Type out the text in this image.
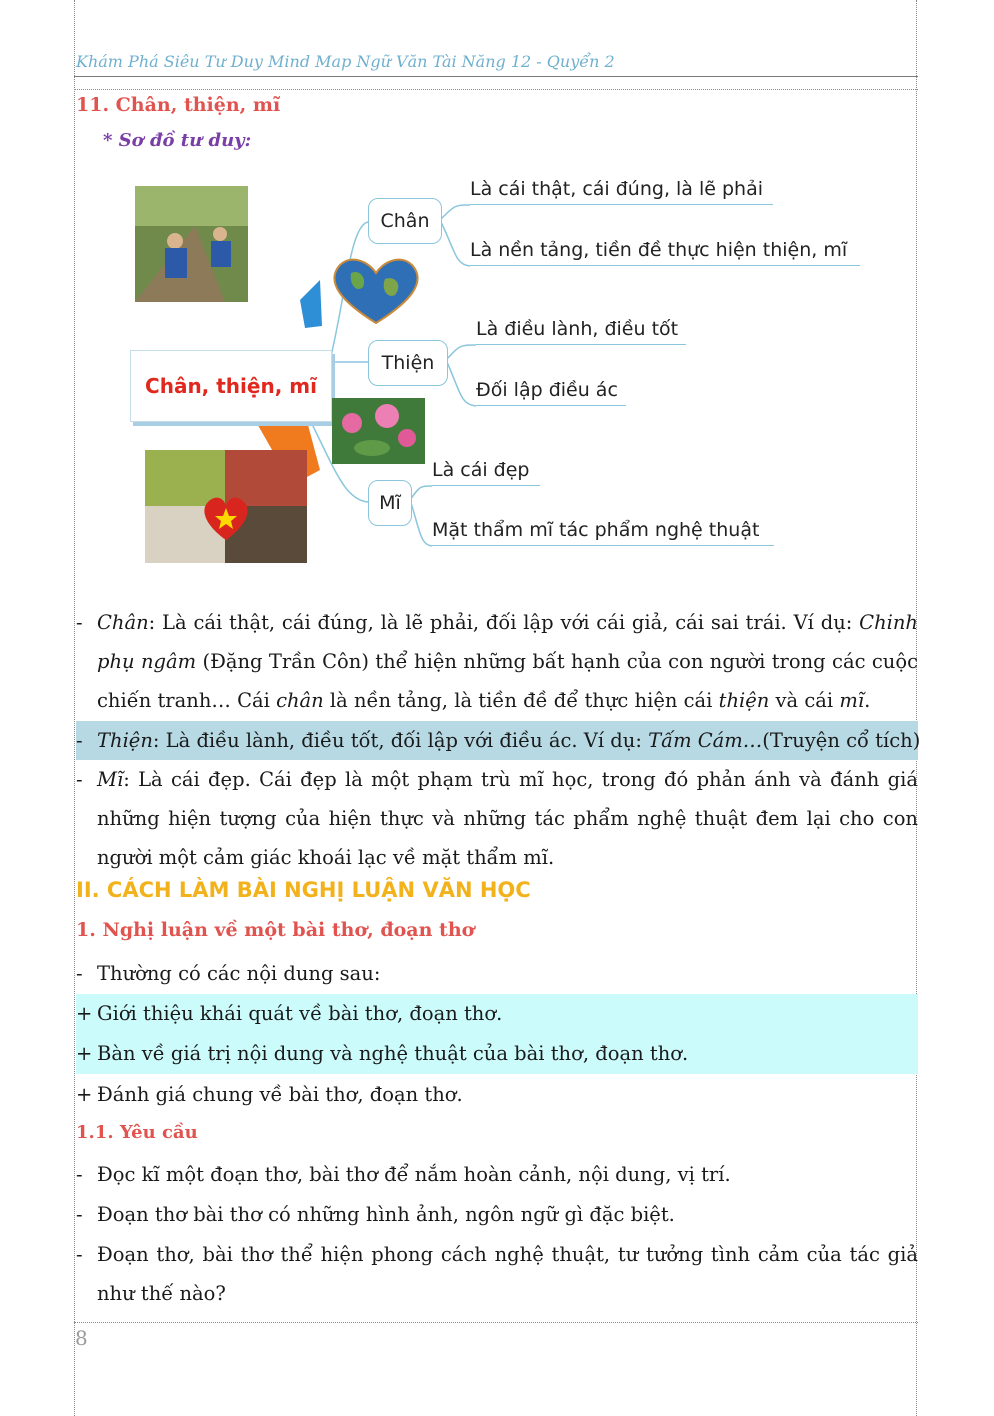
Khám Phá Siêu Tư Duy Mind Map Ngữ Văn Tài Năng 12 - Quyển 2
11. Chân, thiện, mĩ
* Sơ đồ tư duy:
Chân, thiện, mĩ
Chân
Thiện
Mĩ
Là cái thật, cái đúng, là lẽ phải
Là nền tảng, tiền đề thực hiện thiện, mĩ
Là điều lành, điều tốt
Đối lập điều ác
Là cái đẹp
Mặt thẩm mĩ tác phẩm nghệ thuật
- Chân: Là cái thật, cái đúng, là lẽ phải, đối lập với cái giả, cái sai trái. Ví dụ: Chinh phụ ngâm (Đặng Trần Côn) thể hiện những bất hạnh của con người trong các cuộc chiến tranh… Cái chân là nền tảng, là tiền đề để thực hiện cái thiện và cái mĩ.
- Thiện: Là điều lành, điều tốt, đối lập với điều ác. Ví dụ: Tấm Cám…(Truyện cổ tích)
- Mĩ: Là cái đẹp. Cái đẹp là một phạm trù mĩ học, trong đó phản ánh và đánh giá những hiện tượng của hiện thực và những tác phẩm nghệ thuật đem lại cho con người một cảm giác khoái lạc về mặt thẩm mĩ.
II. CÁCH LÀM BÀI NGHỊ LUẬN VĂN HỌC
1. Nghị luận về một bài thơ, đoạn thơ
- Thường có các nội dung sau:
+ Giới thiệu khái quát về bài thơ, đoạn thơ.
+ Bàn về giá trị nội dung và nghệ thuật của bài thơ, đoạn thơ.
+ Đánh giá chung về bài thơ, đoạn thơ.
1.1. Yêu cầu
- Đọc kĩ một đoạn thơ, bài thơ để nắm hoàn cảnh, nội dung, vị trí.
- Đoạn thơ bài thơ có những hình ảnh, ngôn ngữ gì đặc biệt.
- Đoạn thơ, bài thơ thể hiện phong cách nghệ thuật, tư tưởng tình cảm của tác giả như thế nào?
8
